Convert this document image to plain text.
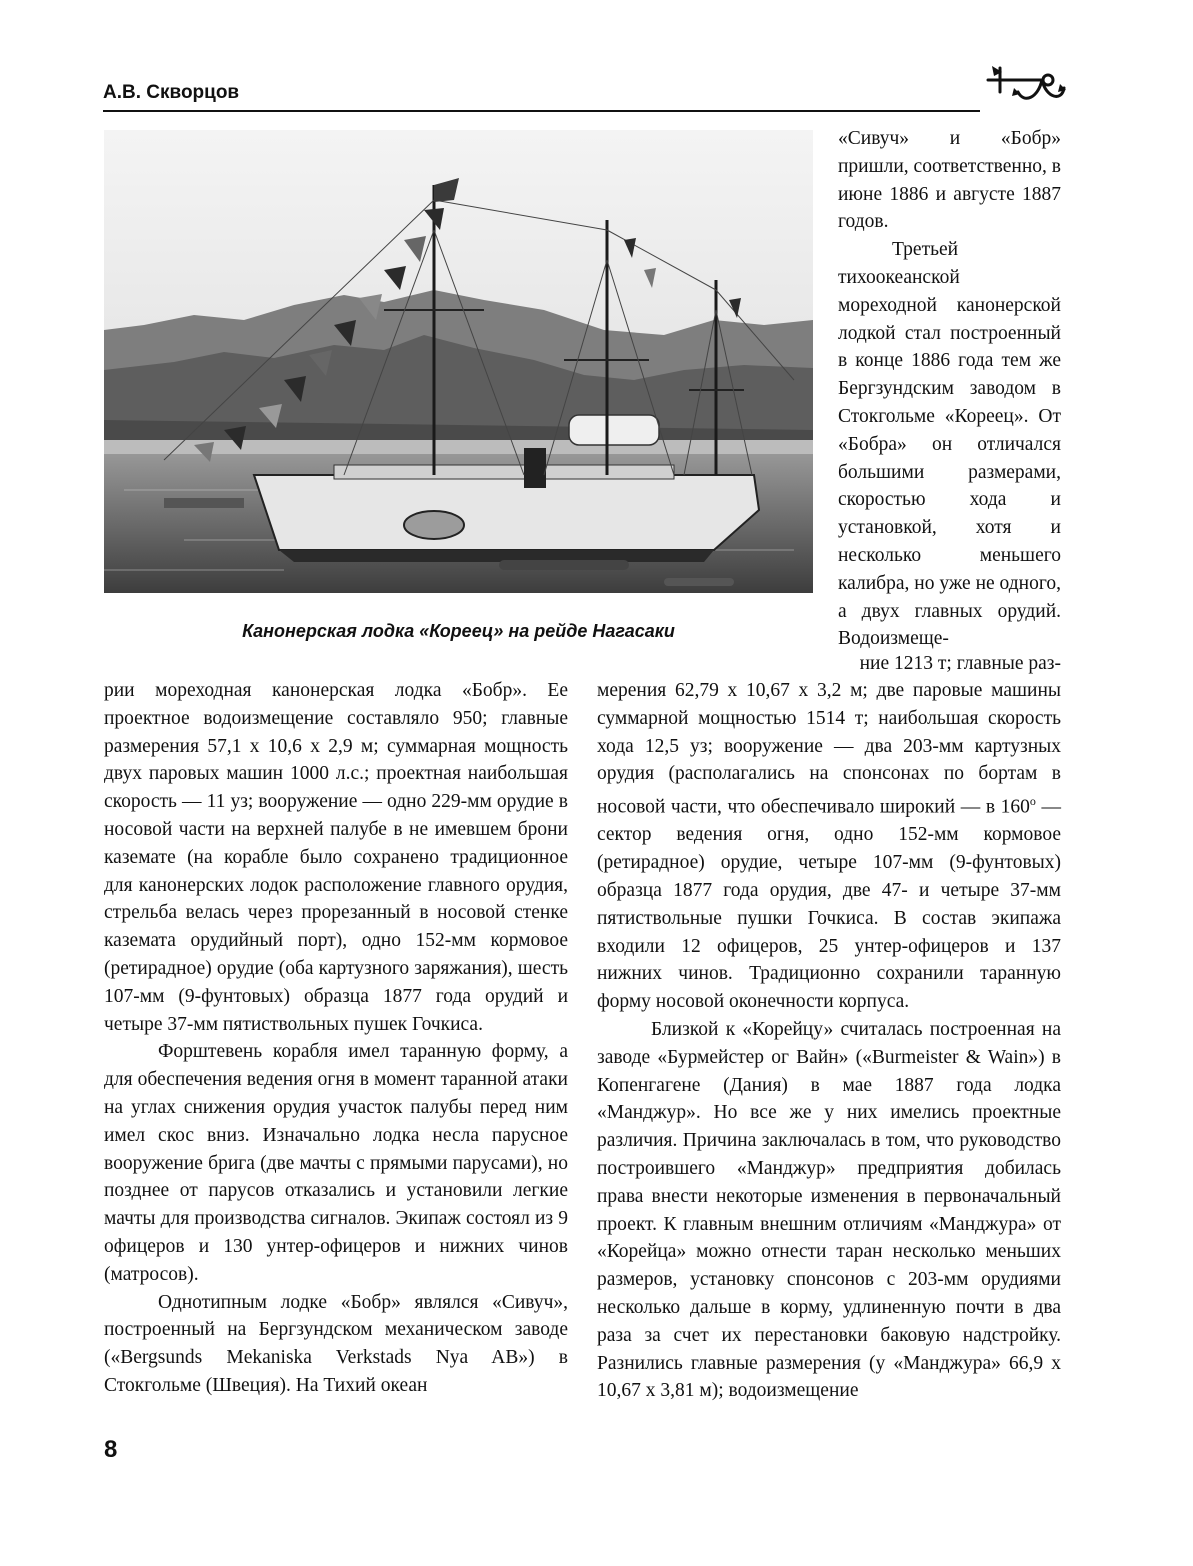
А.В. Скворцов
Канонерская лодка «Кореец» на рейде Нагасаки

«Сивуч» и «Бобр» пришли, соответственно, в июне 1886 и августе 1887 годов.

Третьей тихоокеанской мореходной канонерской лодкой стал построенный в конце 1886 года тем же Бергзундским заводом в Стокгольме «Кореец». От «Бобра» он отличался большими размерами, скоростью хода и установкой, хотя и несколько меньшего калибра, но уже не одного, а двух главных орудий. Водоизмеще-

ние 1213 т; главные раз-

рии мореходная канонерская лодка «Бобр». Ее проектное водоизмещение составляло 950; главные размерения 57,1 х 10,6 х 2,9 м; суммарная мощность двух паровых машин 1000 л.с.; проектная наибольшая скорость — 11 уз; вооружение — одно 229-мм орудие в носовой части на верхней палубе в не имевшем брони каземате (на корабле было сохранено традиционное для канонерских лодок расположение главного орудия, стрельба велась через прорезанный в носовой стенке каземата орудийный порт), одно 152-мм кормовое (ретирадное) орудие (оба картузного заряжания), шесть 107-мм (9-фунтовых) образца 1877 года орудий и четыре 37-мм пятиствольных пушек Гочкиса.

Форштевень корабля имел таранную форму, а для обеспечения ведения огня в момент таранной атаки на углах снижения орудия участок палубы перед ним имел скос вниз. Изначально лодка несла парусное вооружение брига (две мачты с прямыми парусами), но позднее от парусов отказались и установили легкие мачты для производства сигналов. Экипаж состоял из 9 офицеров и 130 унтер-офицеров и нижних чинов (матросов).

Однотипным лодке «Бобр» являлся «Сивуч», построенный на Бергзундском механическом заводе («Bergsunds Mekaniska Verkstads Nya AB») в Стокгольме (Швеция). На Тихий океан

мерения 62,79 х 10,67 х 3,2 м; две паровые машины суммарной мощностью 1514 т; наибольшая скорость хода 12,5 уз; вооружение — два 203-мм картузных орудия (располагались на спонсонах по бортам в носовой части, что обеспечивало широкий — в $160^о$ — сектор ведения огня, одно 152-мм кормовое (ретирадное) орудие, четыре 107-мм (9-фунтовых) образца 1877 года орудия, две 47- и четыре 37-мм пятиствольные пушки Гочкиса. В состав экипажа входили 12 офицеров, 25 унтер-офицеров и 137 нижних чинов. Традиционно сохранили таранную форму носовой оконечности корпуса.

Близкой к «Корейцу» считалась построенная на заводе «Бурмейстер ог Вайн» («Burmeister & Wain») в Копенгагене (Дания) в мае 1887 года лодка «Манджур». Но все же у них имелись проектные различия. Причина заключалась в том, что руководство построившего «Манджур» предприятия добилась права внести некоторые изменения в первоначальный проект. К главным внешним отличиям «Манджура» от «Корейца» можно отнести таран несколько меньших размеров, установку спонсонов с 203-мм орудиями несколько дальше в корму, удлиненную почти в два раза за счет их перестановки баковую надстройку. Разнились главные размерения (у «Манджура» 66,9 х 10,67 х 3,81 м); водоизмещение

8
